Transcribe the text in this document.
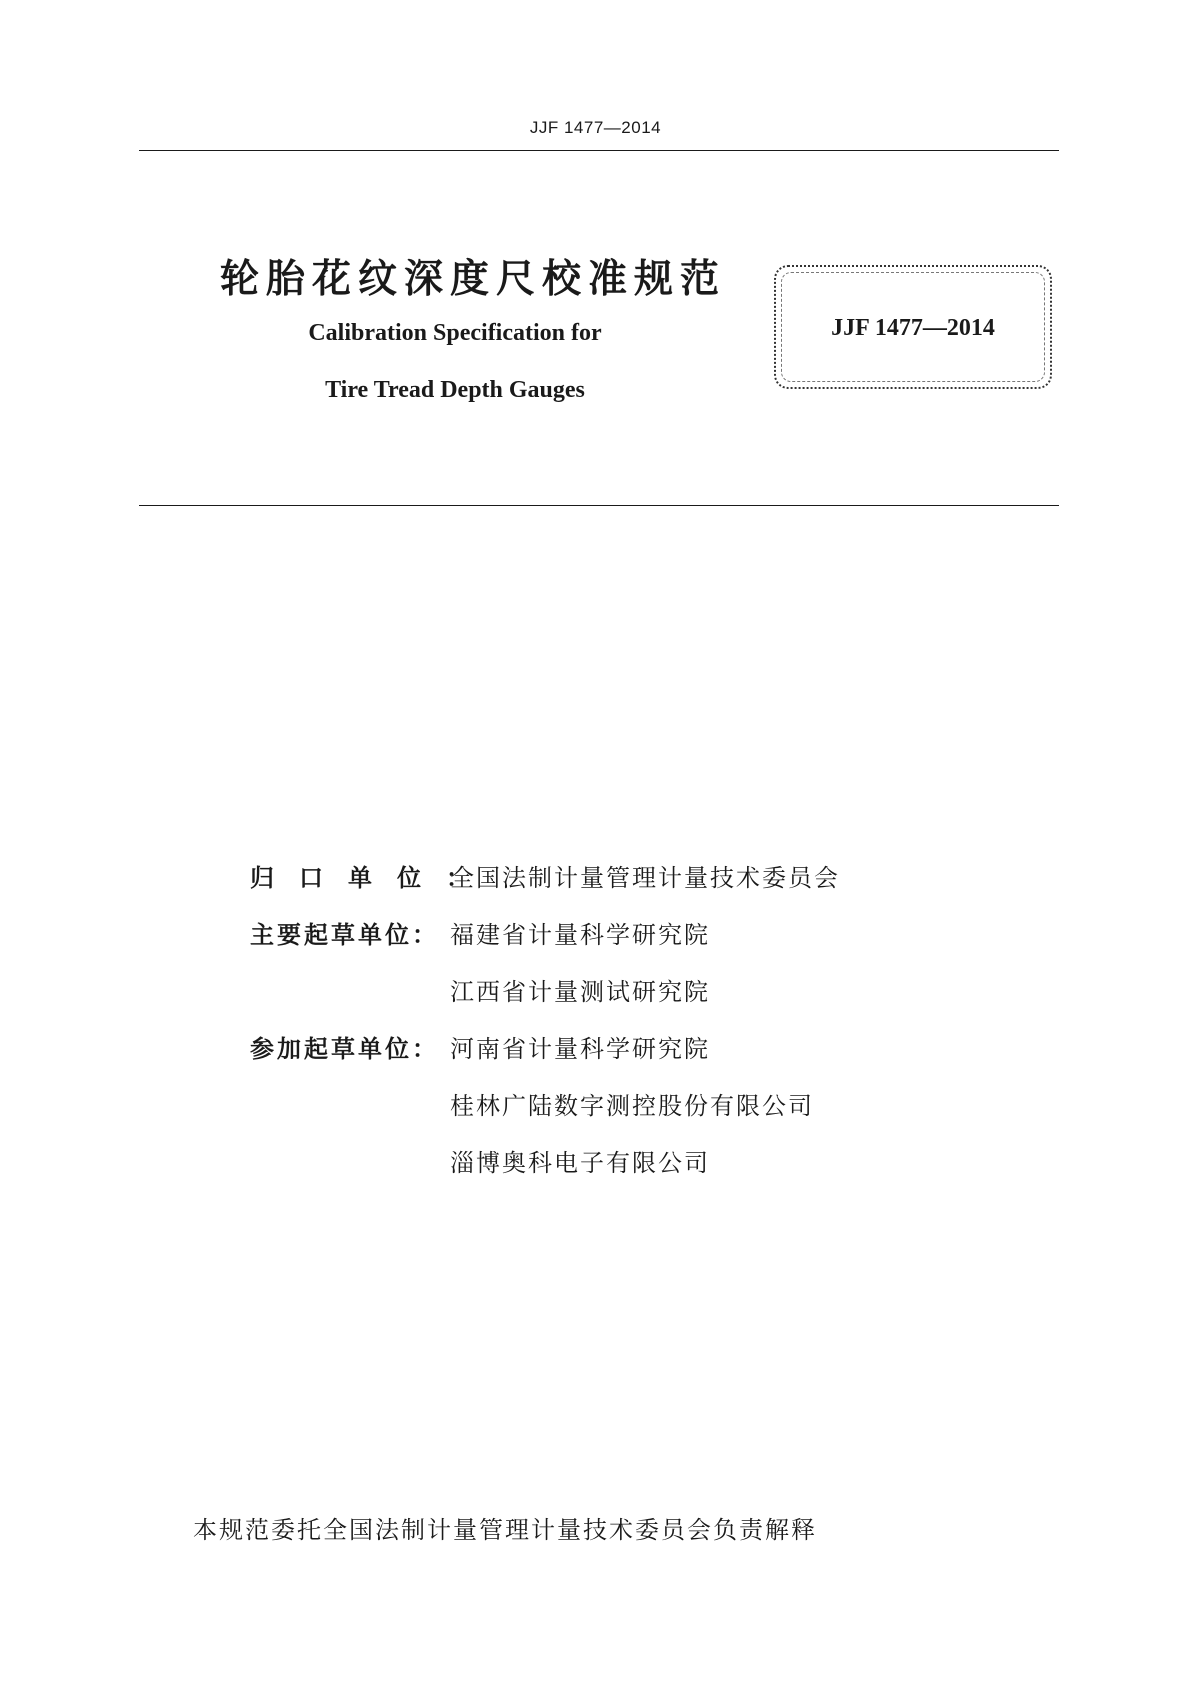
JJF 1477—2014
轮胎花纹深度尺校准规范
Calibration Specification for
Tire Tread Depth Gauges
JJF 1477—2014
归口单位：
全国法制计量管理计量技术委员会
主要起草单位： 福建省计量科学研究院
江西省计量测试研究院
参加起草单位： 河南省计量科学研究院
桂林广陆数字测控股份有限公司
淄博奥科电子有限公司
本规范委托全国法制计量管理计量技术委员会负责解释
